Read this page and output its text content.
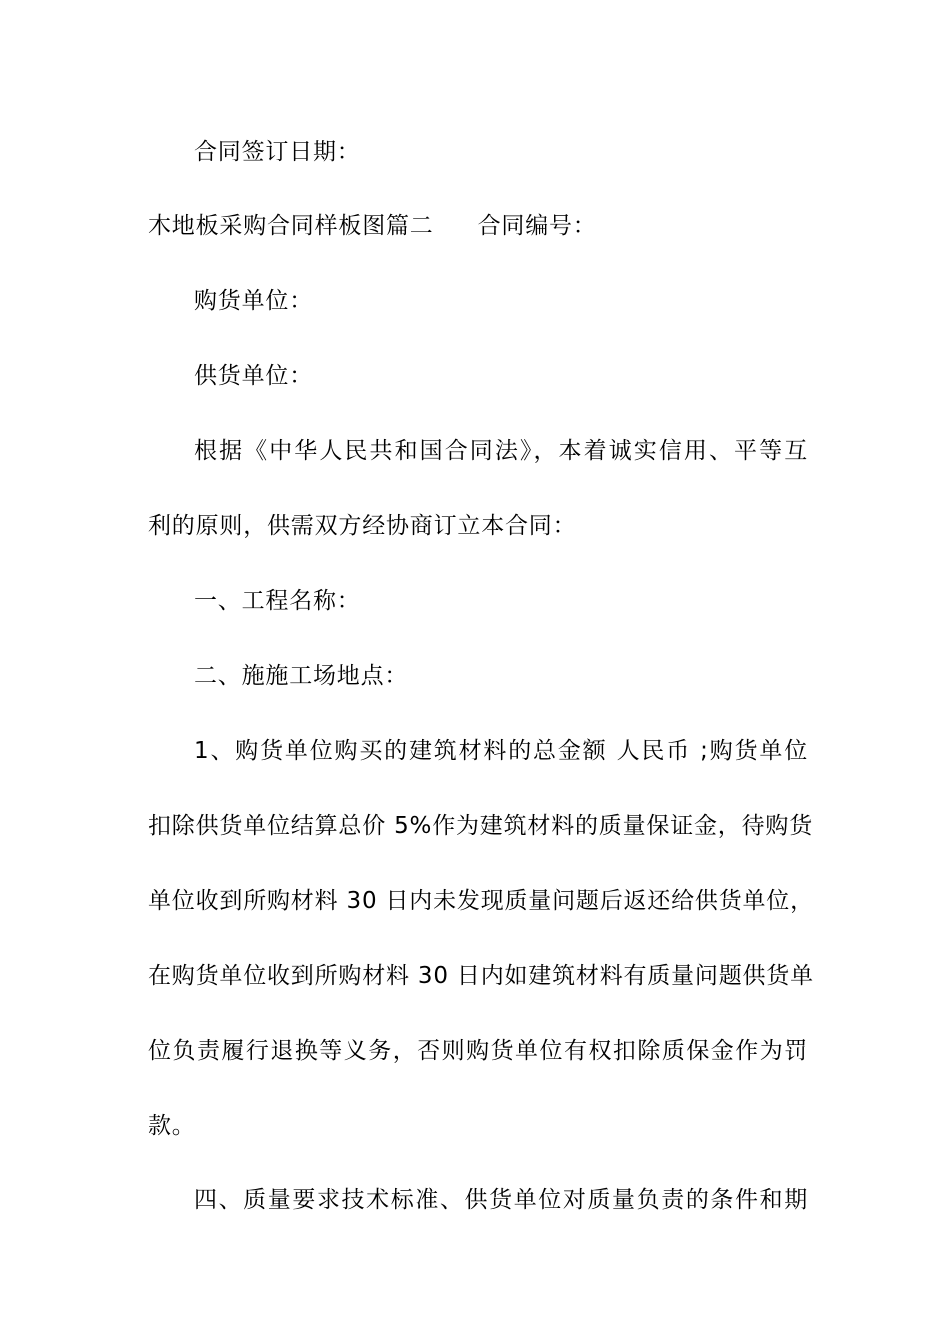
合同签订日期：
木地板采购合同样板图篇二 合同编号：
购货单位：
供货单位：
根据《中华人民共和国合同法》，本着诚实信用、平等互
利的原则，供需双方经协商订立本合同：
一、工程名称：
二、施施工场地点：
1、购货单位购买的建筑材料的总金额 人民币 ;购货单位
扣除供货单位结算总价 5%作为建筑材料的质量保证金，待购货
单位收到所购材料 30 日内未发现质量问题后返还给供货单位，
在购货单位收到所购材料 30 日内如建筑材料有质量问题供货单
位负责履行退换等义务，否则购货单位有权扣除质保金作为罚
款。
四、质量要求技术标准、供货单位对质量负责的条件和期
